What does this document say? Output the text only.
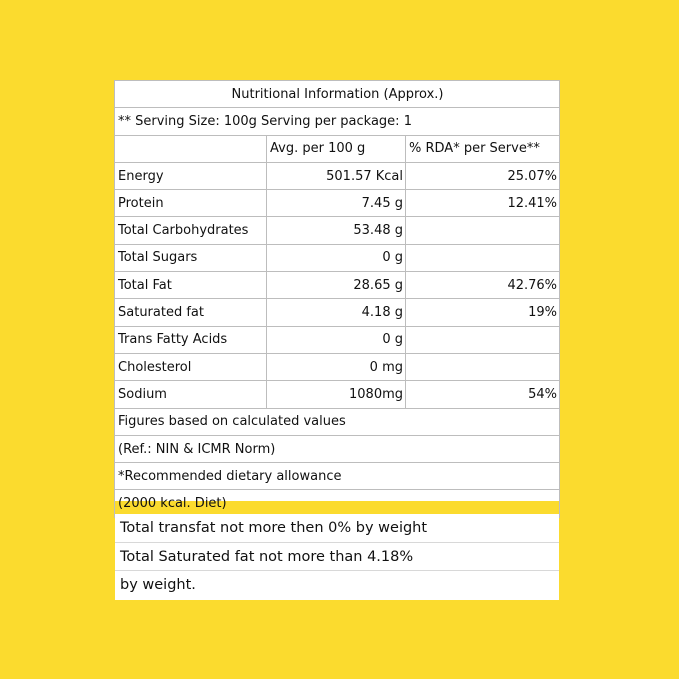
Nutritional Information (Approx.)		
** Serving Size: 100g Serving per package: 1		
	Avg. per 100 g	% RDA* per Serve**
Energy	501.57 Kcal	25.07%
Protein	7.45 g	12.41%
Total Carbohydrates	53.48 g	
Total Sugars	0 g	
Total Fat	28.65 g	42.76%
Saturated fat	4.18 g	19%
Trans Fatty Acids	0 g	
Cholesterol	0 mg	
Sodium	1080mg	54%
Figures based on calculated values		
(Ref.: NIN & ICMR Norm)		
*Recommended dietary allowance		
(2000 kcal. Diet)		
Total transfat not more then 0% by weight
Total Saturated fat not more than 4.18%
by weight.
